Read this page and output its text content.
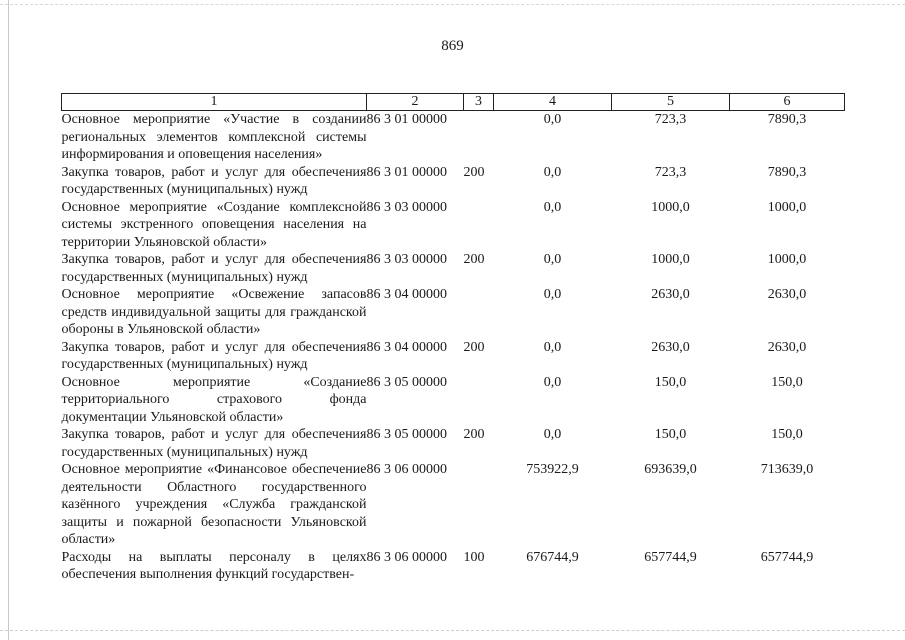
869
1	2	3	4	5	6
Основное мероприятие «Участие в создании региональных элементов комплексной системы информирования и оповещения населения»	86 3 01 00000		0,0	723,3	7890,3
Закупка товаров, работ и услуг для обеспечения государственных (муниципальных) нужд	86 3 01 00000	200	0,0	723,3	7890,3
Основное мероприятие «Создание комплексной системы экстренного оповещения населения на территории Ульяновской области»	86 3 03 00000		0,0	1000,0	1000,0
Закупка товаров, работ и услуг для обеспечения государственных (муниципальных) нужд	86 3 03 00000	200	0,0	1000,0	1000,0
Основное мероприятие «Освежение запасов средств индивидуальной защиты для гражданской обороны в Ульяновской области»	86 3 04 00000		0,0	2630,0	2630,0
Закупка товаров, работ и услуг для обеспечения государственных (муниципальных) нужд	86 3 04 00000	200	0,0	2630,0	2630,0
Основное мероприятие «Создание территориального страхового фонда документации Ульяновской области»	86 3 05 00000		0,0	150,0	150,0
Закупка товаров, работ и услуг для обеспечения государственных (муниципальных) нужд	86 3 05 00000	200	0,0	150,0	150,0
Основное мероприятие «Финансовое обеспечение деятельности Областного государственного казённого учреждения «Служба гражданской защиты и пожарной безопасности Ульяновской области»	86 3 06 00000		753922,9	693639,0	713639,0
Расходы на выплаты персоналу в целях обеспечения выполнения функций государствен-	86 3 06 00000	100	676744,9	657744,9	657744,9
